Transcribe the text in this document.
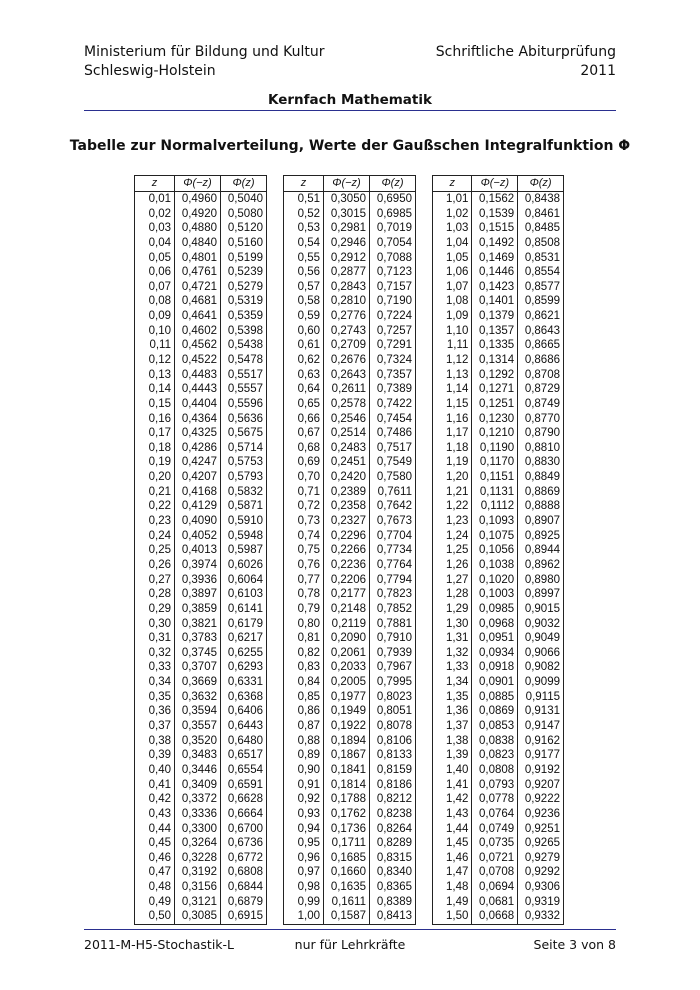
Ministerium für Bildung und Kultur
Schleswig-Holstein
Schriftliche Abiturprüfung
2011
Kernfach Mathematik
Tabelle zur Normalverteilung, Werte der Gaußschen Integralfunktion Φ
z	Φ(−z)	Φ(z)
0,01	0,4960	0,5040
0,02	0,4920	0,5080
0,03	0,4880	0,5120
0,04	0,4840	0,5160
0,05	0,4801	0,5199
0,06	0,4761	0,5239
0,07	0,4721	0,5279
0,08	0,4681	0,5319
0,09	0,4641	0,5359
0,10	0,4602	0,5398
0,11	0,4562	0,5438
0,12	0,4522	0,5478
0,13	0,4483	0,5517
0,14	0,4443	0,5557
0,15	0,4404	0,5596
0,16	0,4364	0,5636
0,17	0,4325	0,5675
0,18	0,4286	0,5714
0,19	0,4247	0,5753
0,20	0,4207	0,5793
0,21	0,4168	0,5832
0,22	0,4129	0,5871
0,23	0,4090	0,5910
0,24	0,4052	0,5948
0,25	0,4013	0,5987
0,26	0,3974	0,6026
0,27	0,3936	0,6064
0,28	0,3897	0,6103
0,29	0,3859	0,6141
0,30	0,3821	0,6179
0,31	0,3783	0,6217
0,32	0,3745	0,6255
0,33	0,3707	0,6293
0,34	0,3669	0,6331
0,35	0,3632	0,6368
0,36	0,3594	0,6406
0,37	0,3557	0,6443
0,38	0,3520	0,6480
0,39	0,3483	0,6517
0,40	0,3446	0,6554
0,41	0,3409	0,6591
0,42	0,3372	0,6628
0,43	0,3336	0,6664
0,44	0,3300	0,6700
0,45	0,3264	0,6736
0,46	0,3228	0,6772
0,47	0,3192	0,6808
0,48	0,3156	0,6844
0,49	0,3121	0,6879
0,50	0,3085	0,6915
z	Φ(−z)	Φ(z)
0,51	0,3050	0,6950
0,52	0,3015	0,6985
0,53	0,2981	0,7019
0,54	0,2946	0,7054
0,55	0,2912	0,7088
0,56	0,2877	0,7123
0,57	0,2843	0,7157
0,58	0,2810	0,7190
0,59	0,2776	0,7224
0,60	0,2743	0,7257
0,61	0,2709	0,7291
0,62	0,2676	0,7324
0,63	0,2643	0,7357
0,64	0,2611	0,7389
0,65	0,2578	0,7422
0,66	0,2546	0,7454
0,67	0,2514	0,7486
0,68	0,2483	0,7517
0,69	0,2451	0,7549
0,70	0,2420	0,7580
0,71	0,2389	0,7611
0,72	0,2358	0,7642
0,73	0,2327	0,7673
0,74	0,2296	0,7704
0,75	0,2266	0,7734
0,76	0,2236	0,7764
0,77	0,2206	0,7794
0,78	0,2177	0,7823
0,79	0,2148	0,7852
0,80	0,2119	0,7881
0,81	0,2090	0,7910
0,82	0,2061	0,7939
0,83	0,2033	0,7967
0,84	0,2005	0,7995
0,85	0,1977	0,8023
0,86	0,1949	0,8051
0,87	0,1922	0,8078
0,88	0,1894	0,8106
0,89	0,1867	0,8133
0,90	0,1841	0,8159
0,91	0,1814	0,8186
0,92	0,1788	0,8212
0,93	0,1762	0,8238
0,94	0,1736	0,8264
0,95	0,1711	0,8289
0,96	0,1685	0,8315
0,97	0,1660	0,8340
0,98	0,1635	0,8365
0,99	0,1611	0,8389
1,00	0,1587	0,8413
z	Φ(−z)	Φ(z)
1,01	0,1562	0,8438
1,02	0,1539	0,8461
1,03	0,1515	0,8485
1,04	0,1492	0,8508
1,05	0,1469	0,8531
1,06	0,1446	0,8554
1,07	0,1423	0,8577
1,08	0,1401	0,8599
1,09	0,1379	0,8621
1,10	0,1357	0,8643
1,11	0,1335	0,8665
1,12	0,1314	0,8686
1,13	0,1292	0,8708
1,14	0,1271	0,8729
1,15	0,1251	0,8749
1,16	0,1230	0,8770
1,17	0,1210	0,8790
1,18	0,1190	0,8810
1,19	0,1170	0,8830
1,20	0,1151	0,8849
1,21	0,1131	0,8869
1,22	0,1112	0,8888
1,23	0,1093	0,8907
1,24	0,1075	0,8925
1,25	0,1056	0,8944
1,26	0,1038	0,8962
1,27	0,1020	0,8980
1,28	0,1003	0,8997
1,29	0,0985	0,9015
1,30	0,0968	0,9032
1,31	0,0951	0,9049
1,32	0,0934	0,9066
1,33	0,0918	0,9082
1,34	0,0901	0,9099
1,35	0,0885	0,9115
1,36	0,0869	0,9131
1,37	0,0853	0,9147
1,38	0,0838	0,9162
1,39	0,0823	0,9177
1,40	0,0808	0,9192
1,41	0,0793	0,9207
1,42	0,0778	0,9222
1,43	0,0764	0,9236
1,44	0,0749	0,9251
1,45	0,0735	0,9265
1,46	0,0721	0,9279
1,47	0,0708	0,9292
1,48	0,0694	0,9306
1,49	0,0681	0,9319
1,50	0,0668	0,9332
2011-M-H5-Stochastik-L	nur für Lehrkräfte	Seite 3 von 8
